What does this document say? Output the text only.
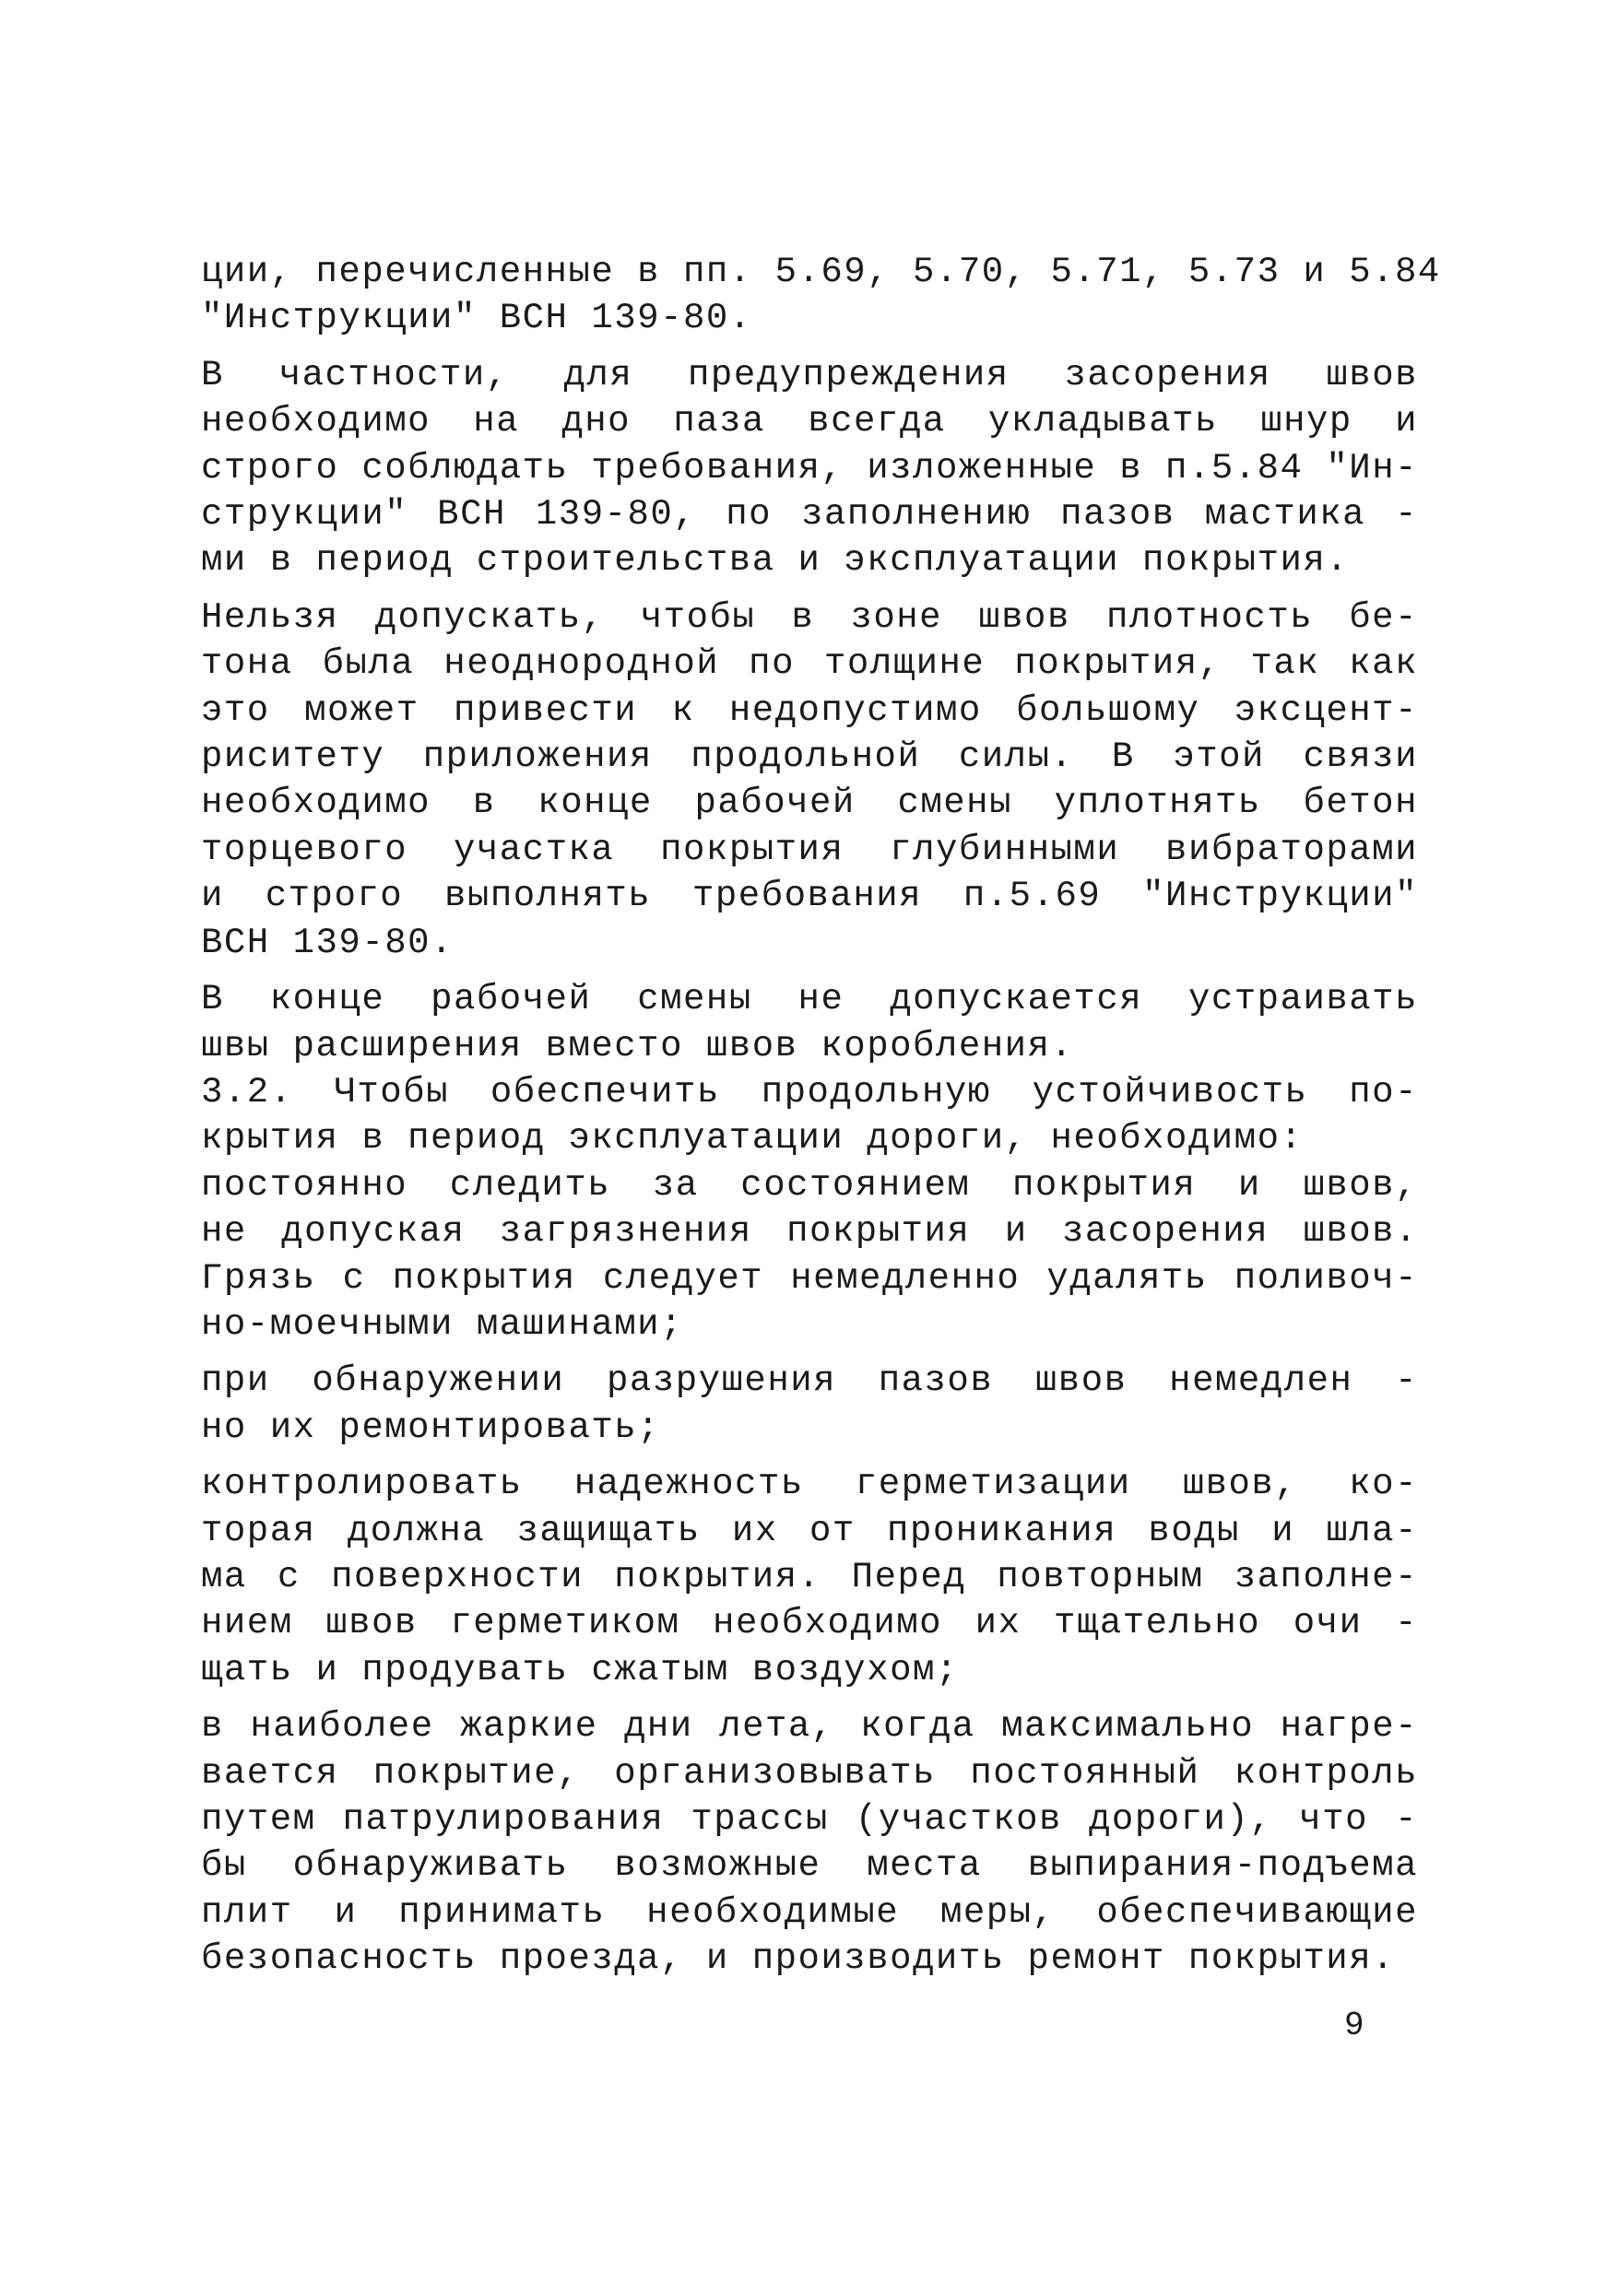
ции, перечисленные в пп. 5.69, 5.70, 5.71, 5.73 и 5.84
"Инструкции" ВСН 139-80.
В частности, для предупреждения засорения швов
необходимо на дно паза всегда укладывать шнур и
строго соблюдать требования, изложенные в п.5.84 "Ин-
струкции" ВСН 139-80, по заполнению пазов мастика -
ми в период строительства и эксплуатации покрытия.
Нельзя допускать, чтобы в зоне швов плотность бе-
тона была неоднородной по толщине покрытия, так как
это может привести к недопустимо большому эксцент-
риситету приложения продольной силы. В этой связи
необходимо в конце рабочей смены уплотнять бетон
торцевого участка покрытия глубинными вибраторами
и строго выполнять требования п.5.69 "Инструкции"
ВСН 139-80.
В конце рабочей смены не допускается устраивать
швы расширения вместо швов коробления.
3.2. Чтобы обеспечить продольную устойчивость по-
крытия в период эксплуатации дороги, необходимо:
постоянно следить за состоянием покрытия и швов,
не допуская загрязнения покрытия и засорения швов.
Грязь с покрытия следует немедленно удалять поливоч-
но-моечными машинами;
при обнаружении разрушения пазов швов немедлен -
но их ремонтировать;
контролировать надежность герметизации швов, ко-
торая должна защищать их от проникания воды и шла-
ма с поверхности покрытия. Перед повторным заполне-
нием швов герметиком необходимо их тщательно очи -
щать и продувать сжатым воздухом;
в наиболее жаркие дни лета, когда максимально нагре-
вается покрытие, организовывать постоянный контроль
путем патрулирования трассы (участков дороги), что -
бы обнаруживать возможные места выпирания-подъема
плит и принимать необходимые меры, обеспечивающие
безопасность проезда, и производить ремонт покрытия.
9
